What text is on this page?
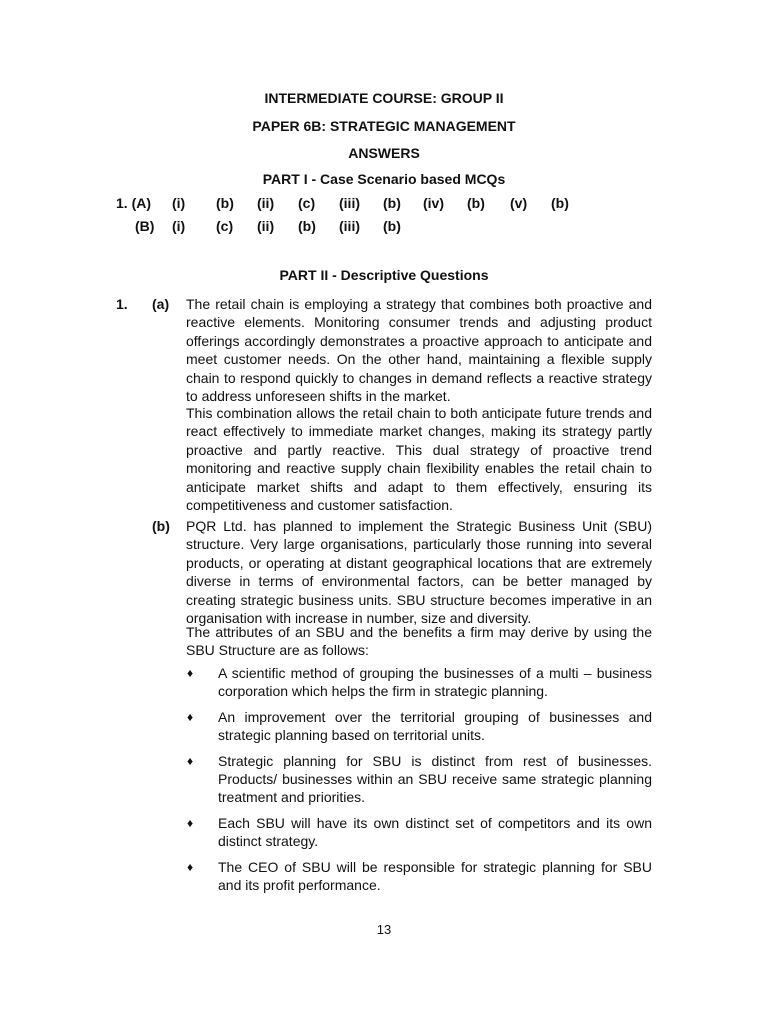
INTERMEDIATE COURSE: GROUP II
PAPER 6B: STRATEGIC MANAGEMENT
ANSWERS
PART I - Case Scenario based MCQs
1. (A) (i) (b) (ii) (c) (iii) (b) (iv) (b) (v) (b)
(B) (i) (c) (ii) (b) (iii) (b)
PART II - Descriptive Questions
1. (a) The retail chain is employing a strategy that combines both proactive and reactive elements. Monitoring consumer trends and adjusting product offerings accordingly demonstrates a proactive approach to anticipate and meet customer needs. On the other hand, maintaining a flexible supply chain to respond quickly to changes in demand reflects a reactive strategy to address unforeseen shifts in the market.

This combination allows the retail chain to both anticipate future trends and react effectively to immediate market changes, making its strategy partly proactive and partly reactive. This dual strategy of proactive trend monitoring and reactive supply chain flexibility enables the retail chain to anticipate market shifts and adapt to them effectively, ensuring its competitiveness and customer satisfaction.

(b) PQR Ltd. has planned to implement the Strategic Business Unit (SBU) structure. Very large organisations, particularly those running into several products, or operating at distant geographical locations that are extremely diverse in terms of environmental factors, can be better managed by creating strategic business units. SBU structure becomes imperative in an organisation with increase in number, size and diversity.

The attributes of an SBU and the benefits a firm may derive by using the SBU Structure are as follows:

♦ A scientific method of grouping the businesses of a multi – business corporation which helps the firm in strategic planning.
♦ An improvement over the territorial grouping of businesses and strategic planning based on territorial units.
♦ Strategic planning for SBU is distinct from rest of businesses. Products/ businesses within an SBU receive same strategic planning treatment and priorities.
♦ Each SBU will have its own distinct set of competitors and its own distinct strategy.
♦ The CEO of SBU will be responsible for strategic planning for SBU and its profit performance.
13
